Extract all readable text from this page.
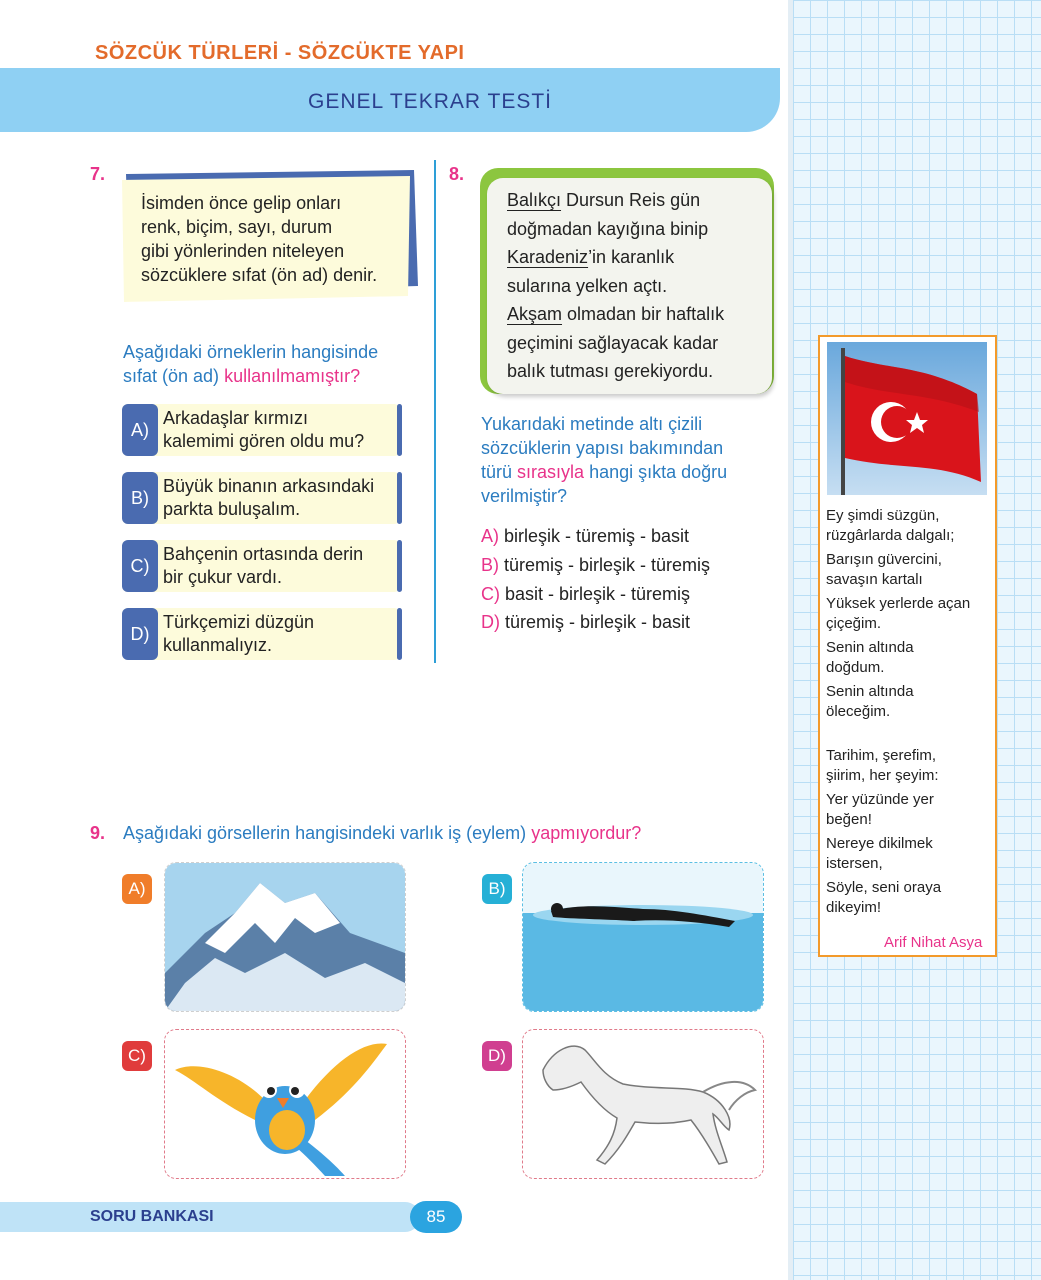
SÖZCÜK TÜRLERİ - SÖZCÜKTE YAPI
GENEL TEKRAR TESTİ
7.
İsimden önce gelip onları
renk, biçim, sayı, durum
gibi yönlerinden niteleyen
sözcüklere sıfat (ön ad) denir.
Aşağıdaki örneklerin hangisinde
sıfat (ön ad) kullanılmamıştır?
A)
Arkadaşlar kırmızı
kalemimi gören oldu mu?
B)
Büyük binanın arkasındaki
parkta buluşalım.
C)
Bahçenin ortasında derin
bir çukur vardı.
D)
Türkçemizi düzgün
kullanmalıyız.
8.
Balıkçı Dursun Reis gün
doğmadan kayığına binip
Karadeniz’in karanlık
sularına yelken açtı.
Akşam olmadan bir haftalık
geçimini sağlayacak kadar
balık tutması gerekiyordu.
Yukarıdaki metinde altı çizili
sözcüklerin yapısı bakımından
türü sırasıyla hangi şıkta doğru
verilmiştir?
A) birleşik - türemiş - basit
B) türemiş - birleşik - türemiş
C) basit - birleşik - türemiş
D) türemiş - birleşik - basit
Ey şimdi süzgün,
rüzgârlarda dalgalı;
Barışın güvercini,
savaşın kartalı
Yüksek yerlerde açan
çiçeğim.
Senin altında
doğdum.
Senin altında
öleceğim.
Tarihim, şerefim,
şiirim, her şeyim:
Yer yüzünde yer
beğen!
Nereye dikilmek
istersen,
Söyle, seni oraya
dikeyim!
Arif Nihat Asya
9. Aşağıdaki görsellerin hangisindeki varlık iş (eylem) yapmıyordur?
A)	B)
C)	D)
SORU BANKASI	85
